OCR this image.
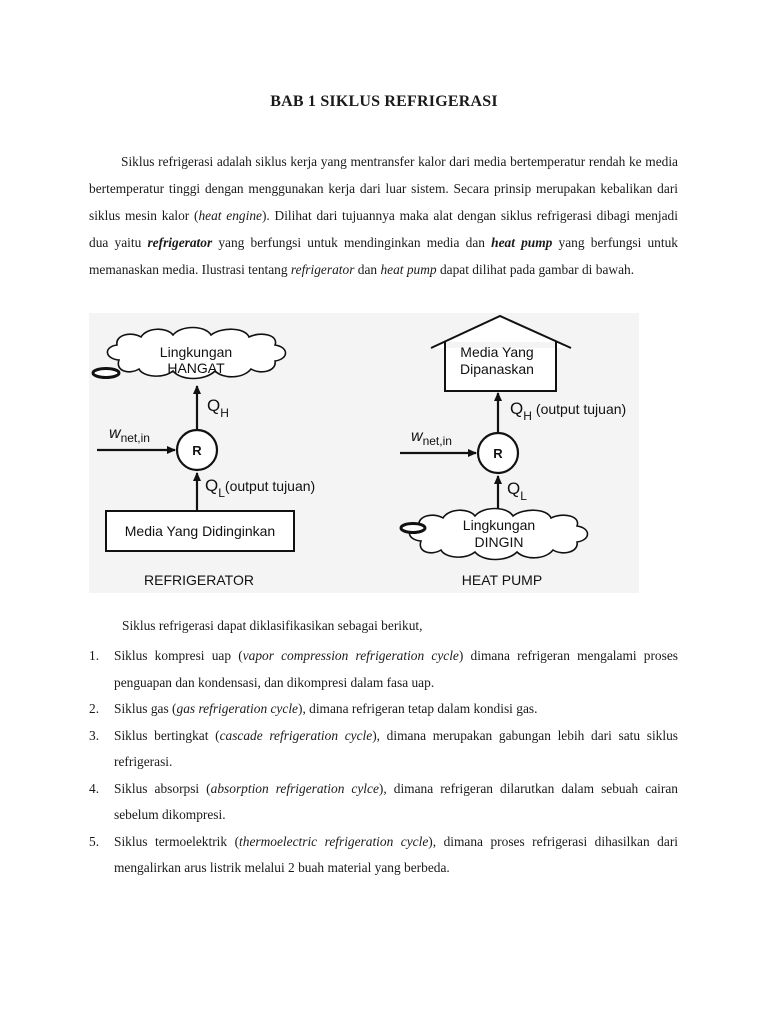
BAB 1 SIKLUS REFRIGERASI

Siklus refrigerasi adalah siklus kerja yang mentransfer kalor dari media bertemperatur rendah ke media bertemperatur tinggi dengan menggunakan kerja dari luar sistem. Secara prinsip merupakan kebalikan dari siklus mesin kalor (heat engine). Dilihat dari tujuannya maka alat dengan siklus refrigerasi dibagi menjadi dua yaitu refrigerator yang berfungsi untuk mendinginkan media dan heat pump yang berfungsi untuk memanaskan media. Ilustrasi tentang refrigerator dan heat pump dapat dilihat pada gambar di bawah.

Lingkungan
HANGAT
$Q_H$
R
$w_{net,in}$
$Q_L^{(output tujuan)}$
Media Yang Didinginkan
REFRIGERATOR
Media Yang
Dipanaskan
$Q_H$ $^{(output tujuan)}$
R
$w_{net,in}$
$Q_L$
Lingkungan
DINGIN
HEAT PUMP

Siklus refrigerasi dapat diklasifikasikan sebagai berikut,

1. Siklus kompresi uap (vapor compression refrigeration cycle) dimana refrigeran mengalami proses penguapan dan kondensasi, dan dikompresi dalam fasa uap.
2. Siklus gas (gas refrigeration cycle), dimana refrigeran tetap dalam kondisi gas.
3. Siklus bertingkat (cascade refrigeration cycle), dimana merupakan gabungan lebih dari satu siklus refrigerasi.
4. Siklus absorpsi (absorption refrigeration cylce), dimana refrigeran dilarutkan dalam sebuah cairan sebelum dikompresi.
5. Siklus termoelektrik (thermoelectric refrigeration cycle), dimana proses refrigerasi dihasilkan dari mengalirkan arus listrik melalui 2 buah material yang berbeda.
